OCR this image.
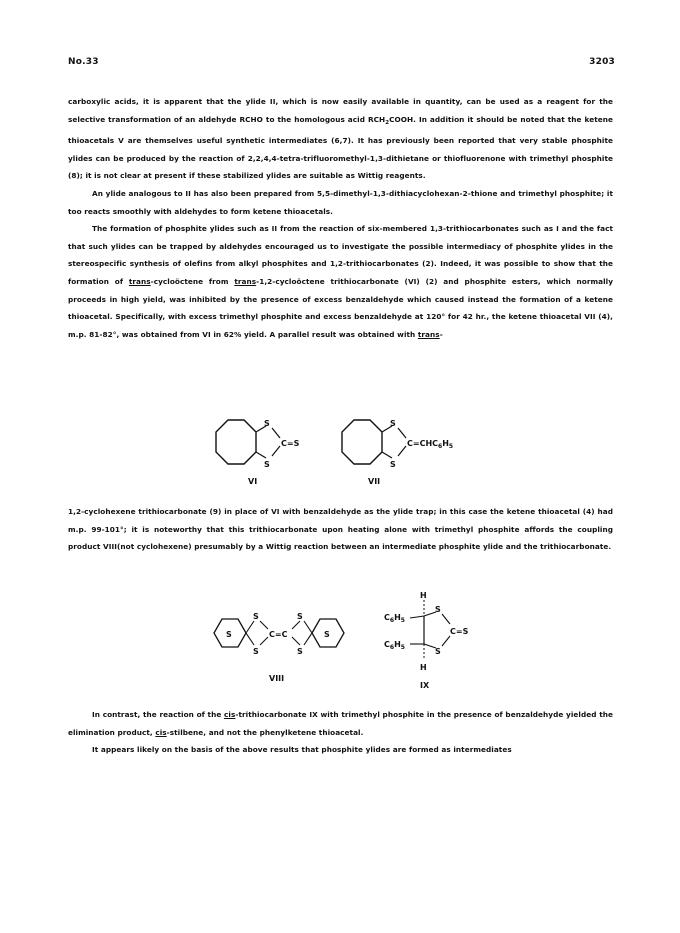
No.33	3203

carboxylic acids, it is apparent that the ylide II, which is now easily available in quantity, can be used as a reagent for the selective transformation of an aldehyde RCHO to the homologous acid $RCH_2COOH$. In addition it should be noted that the ketene thioacetals V are themselves useful synthetic intermediates (6,7). It has previously been reported that very stable phosphite ylides can be produced by the reaction of 2,2,4,4-tetra-trifluoromethyl-1,3-dithietane or thiofluorenone with trimethyl phosphite (8); it is not clear at present if these stabilized ylides are suitable as Wittig reagents.

An ylide analogous to II has also been prepared from 5,5-dimethyl-1,3-dithiacyclohexan-2-thione and trimethyl phosphite; it too reacts smoothly with aldehydes to form ketene thioacetals.

The formation of phosphite ylides such as II from the reaction of six-membered 1,3-trithiocarbonates such as I and the fact that such ylides can be trapped by aldehydes encouraged us to investigate the possible intermediacy of phosphite ylides in the stereospecific synthesis of olefins from alkyl phosphites and 1,2-trithiocarbonates (2). Indeed, it was possible to show that the formation of trans-cycloöctene from trans-1,2-cycloöctene trithiocarbonate (VI) (2) and phosphite esters, which normally proceeds in high yield, was inhibited by the presence of excess benzaldehyde which caused instead the formation of a ketene thioacetal. Specifically, with excess trimethyl phosphite and excess benzaldehyde at 120° for 42 hr., the ketene thioacetal VII (4), m.p. 81-82°, was obtained from VI in 62% yield. A parallel result was obtained with trans-

S
S
C=S
VI
S
S
$C=CHC_6H_5$
VII

1,2-cyclohexene trithiocarbonate (9) in place of VI with benzaldehyde as the ylide trap; in this case the ketene thioacetal (4) had m.p. 99-101°; it is noteworthy that this trithiocarbonate upon heating alone with trimethyl phosphite affords the coupling product VIII(not cyclohexene) presumably by a Wittig reaction between an intermediate phosphite ylide and the trithiocarbonate.

S	S
S
S
S
S
C=C
VIII
H
H
$C_6H_5$
$C_6H_5$
S
S
C=S
IX

In contrast, the reaction of the cis-trithiocarbonate IX with trimethyl phosphite in the presence of benzaldehyde yielded the elimination product, cis-stilbene, and not the phenylketene thioacetal.

It appears likely on the basis of the above results that phosphite ylides are formed as intermediates
